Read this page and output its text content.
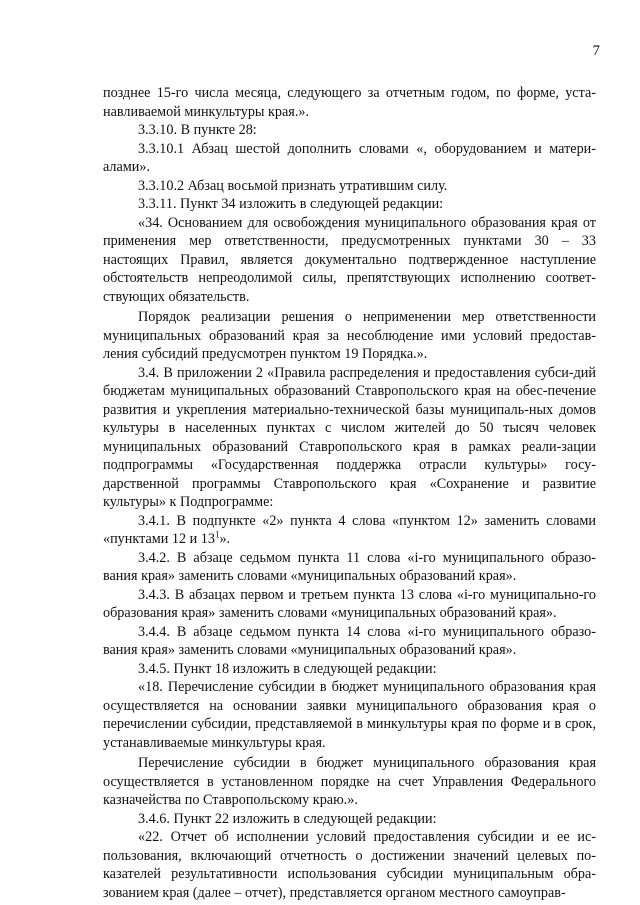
7

позднее 15-го числа месяца, следующего за отчетным годом, по форме, уста-навливаемой минкультуры края.».

3.3.10. В пункте 28:

3.3.10.1 Абзац шестой дополнить словами «, оборудованием и матери-алами».

3.3.10.2 Абзац восьмой признать утратившим силу.

3.3.11. Пункт 34 изложить в следующей редакции:

«34. Основанием для освобождения муниципального образования края от применения мер ответственности, предусмотренных пунктами 30 – 33 настоящих Правил, является документально подтвержденное наступление обстоятельств непреодолимой силы, препятствующих исполнению соответ-ствующих обязательств.

Порядок реализации решения о неприменении мер ответственности муниципальных образований края за несоблюдение ими условий предостав-ления субсидий предусмотрен пунктом 19 Порядка.».

3.4. В приложении 2 «Правила распределения и предоставления субси-дий бюджетам муниципальных образований Ставропольского края на обес-печение развития и укрепления материально-технической базы муниципаль-ных домов культуры в населенных пунктах с числом жителей до 50 тысяч человек муниципальных образований Ставропольского края в рамках реали-зации подпрограммы «Государственная поддержка отрасли культуры» госу-дарственной программы Ставропольского края «Сохранение и развитие культуры» к Подпрограмме:

3.4.1. В подпункте «2» пункта 4 слова «пунктом 12» заменить словами «пунктами 12 и $13^1$».

3.4.2. В абзаце седьмом пункта 11 слова «i-го муниципального образо-вания края» заменить словами «муниципальных образований края».

3.4.3. В абзацах первом и третьем пункта 13 слова «i-го муниципально-го образования края» заменить словами «муниципальных образований края».

3.4.4. В абзаце седьмом пункта 14 слова «i-го муниципального образо-вания края» заменить словами «муниципальных образований края».

3.4.5. Пункт 18 изложить в следующей редакции:

«18. Перечисление субсидии в бюджет муниципального образования края осуществляется на основании заявки муниципального образования края о перечислении субсидии, представляемой в минкультуры края по форме и в срок, устанавливаемые минкультуры края.

Перечисление субсидии в бюджет муниципального образования края осуществляется в установленном порядке на счет Управления Федерального казначейства по Ставропольскому краю.».

3.4.6. Пункт 22 изложить в следующей редакции:

«22. Отчет об исполнении условий предоставления субсидии и ее ис-пользования, включающий отчетность о достижении значений целевых по-казателей результативности использования субсидии муниципальным обра-зованием края (далее – отчет), представляется органом местного самоуправ-
